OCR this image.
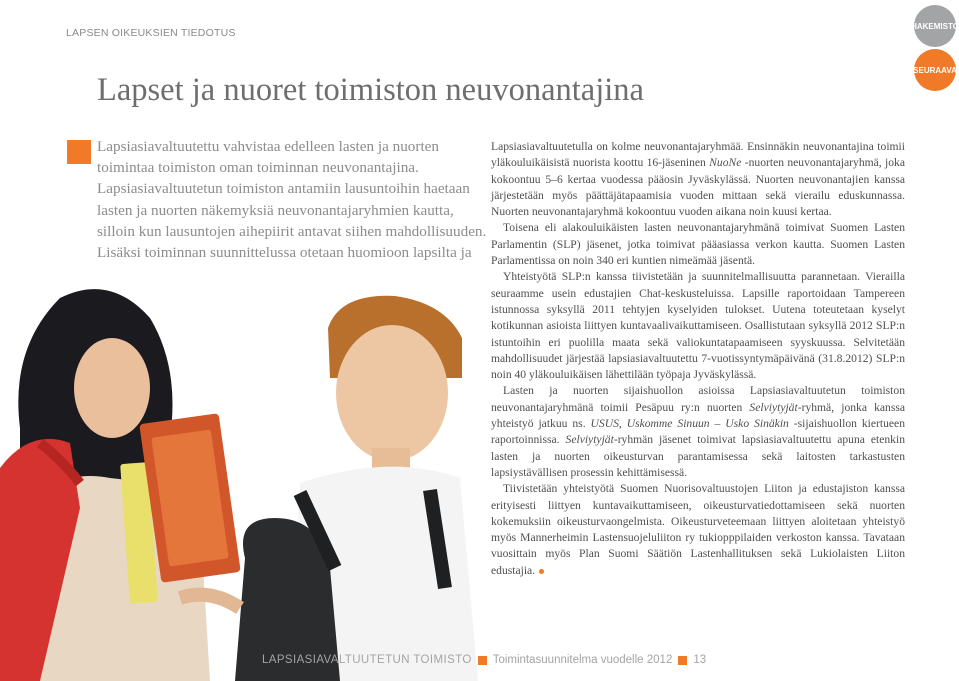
LAPSEN OIKEUKSIEN TIEDOTUS
HAKEMISTO
SEURAAVA
Lapset ja nuoret toimiston neuvonantajina
Lapsiasiavaltuutettu vahvistaa edelleen lasten ja nuorten toimintaa toimiston oman toiminnan neuvonantajina. Lapsiasiavaltuutetun toimiston antamiin lausuntoihin haetaan lasten ja nuorten näkemyksiä neuvonantajaryhmien kautta, silloin kun lausuntojen aihepiirit antavat siihen mahdollisuuden. Lisäksi toiminnan suunnittelussa otetaan huomioon lapsilta ja

Lapsiasiavaltuutetulla on kolme neuvonantajaryhmää. Ensinnäkin neuvonantajina toimii yläkouluikäisistä nuorista koottu 16-jäseninen NuoNe -nuorten neuvonantajaryhmä, joka kokoontuu 5–6 kertaa vuodessa pääosin Jyväskylässä. Nuorten neuvonantajien kanssa järjestetään myös päättäjätapaamisia vuoden mittaan sekä vierailu eduskunnassa. Nuorten neuvonantajaryhmä kokoontuu vuoden aikana noin kuusi kertaa.

Toisena eli alakouluikäisten lasten neuvonantajaryhmänä toimivat Suomen Lasten Parlamentin (SLP) jäsenet, jotka toimivat pääasiassa verkon kautta. Suomen Lasten Parlamentissa on noin 340 eri kuntien nimeämää jäsentä.

Yhteistyötä SLP:n kanssa tiivistetään ja suunnitelmallisuutta parannetaan. Vierailla seuraamme usein edustajien Chat-keskusteluissa. Lapsille raportoidaan Tampereen istunnossa syksyllä 2011 tehtyjen kyselyiden tulokset. Uutena toteutetaan kyselyt kotikunnan asioista liittyen kuntavaalivaikuttamiseen. Osallistutaan syksyllä 2012 SLP:n istuntoihin eri puolilla maata sekä valiokuntatapaamiseen syyskuussa. Selvitetään mahdollisuudet järjestää lapsiasiavaltuutettu 7-vuotissyntymäpäivänä (31.8.2012) SLP:n noin 40 yläkouluikäisen lähettilään työpaja Jyväskylässä.

Lasten ja nuorten sijaishuollon asioissa Lapsiasiavaltuutetun toimiston neuvonantajaryhmänä toimii Pesäpuu ry:n nuorten Selviytyjät-ryhmä, jonka kanssa yhteistyö jatkuu ns. USUS, Uskomme Sinuun – Usko Sinäkin -sijaishuollon kiertueen raportoinnissa. Selviytyjät-ryhmän jäsenet toimivat lapsiasiavaltuutettu apuna etenkin lasten ja nuorten oikeusturvan parantamisessa sekä laitosten tarkastusten lapsiystävällisen prosessin kehittämisessä.

Tiivistetään yhteistyötä Suomen Nuorisovaltuustojen Liiton ja edustajiston kanssa erityisesti liittyen kuntavaikuttamiseen, oikeusturvatiedottamiseen sekä nuorten kokemuksiin oikeusturvaongelmista. Oikeusturveteemaan liittyen aloitetaan yhteistyö myös Mannerheimin Lastensuojeluliiton ry tukiopppilaiden verkoston kanssa. Tavataan vuosittain myös Plan Suomi Säätiön Lastenhallituksen sekä Lukiolaisten Liiton edustajia.

LAPSIASIAVALTUUTETUN TOIMISTO Toimintasuunnitelma vuodelle 2012 13
